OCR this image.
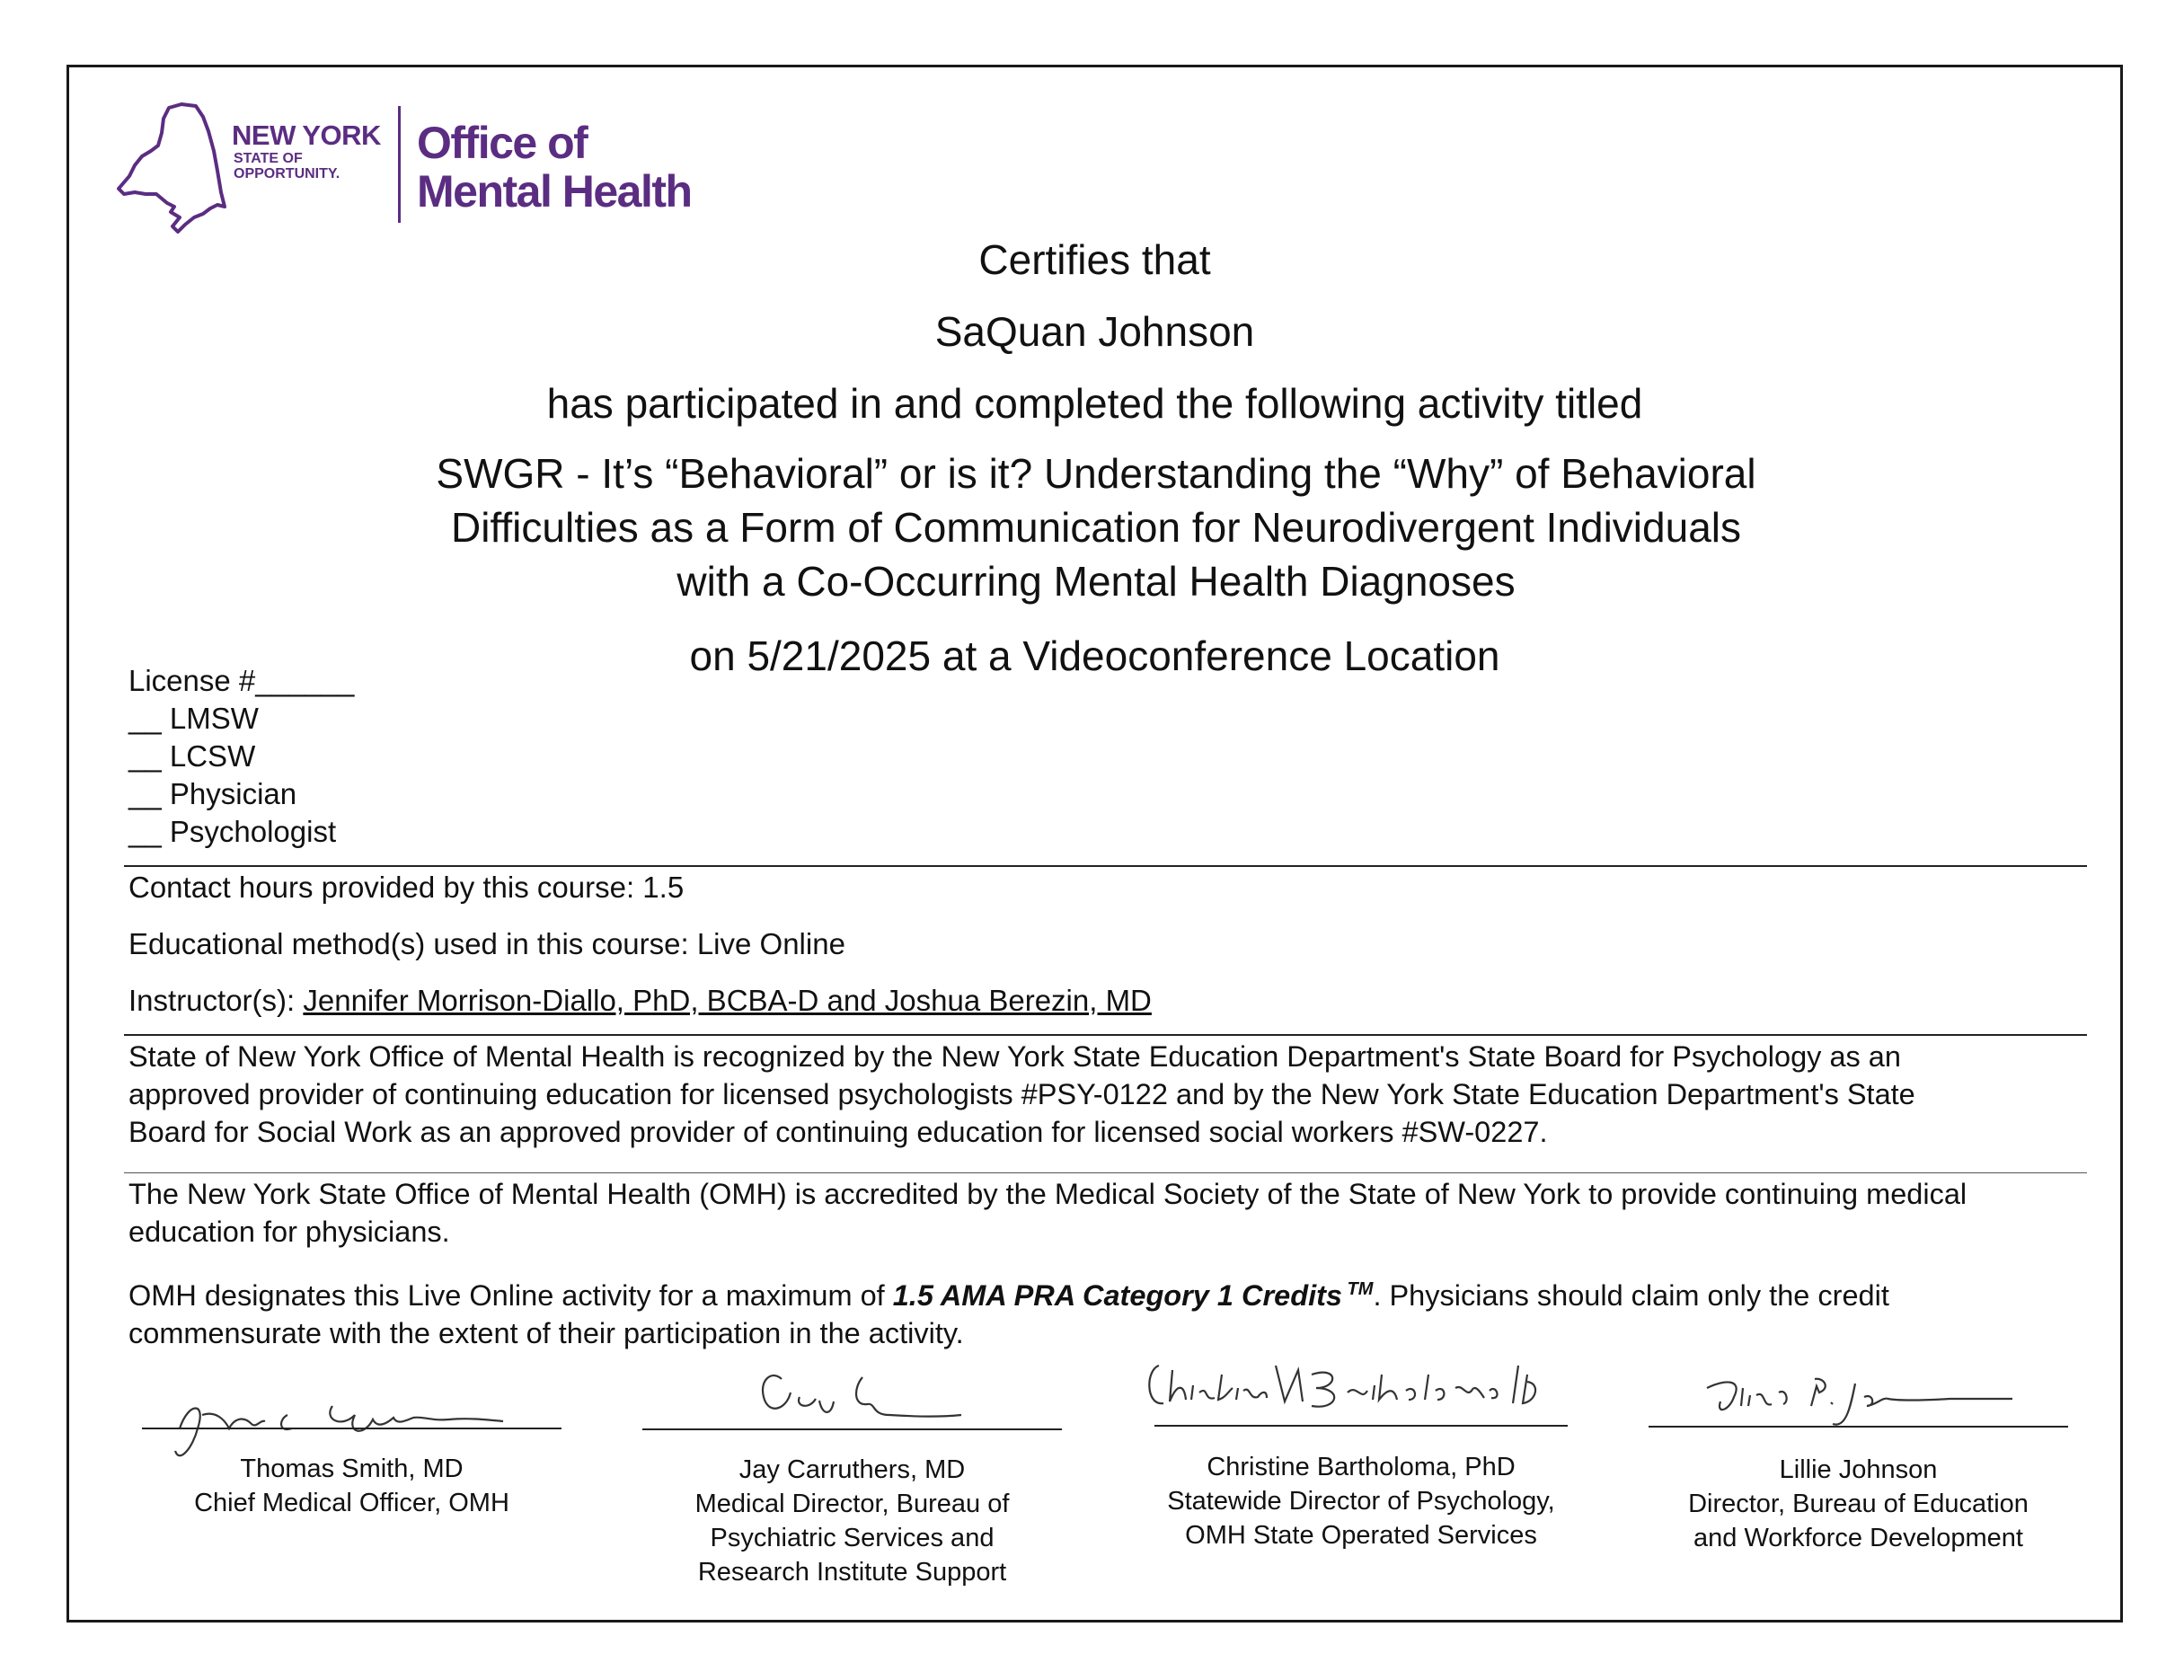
NEW YORK
STATE OF
OPPORTUNITY.
Office of
Mental Health
Certifies that
SaQuan Johnson
has participated in and completed the following activity titled
SWGR - It’s “Behavioral” or is it? Understanding the “Why” of Behavioral
Difficulties as a Form of Communication for Neurodivergent Individuals
with a Co-Occurring Mental Health Diagnoses
on 5/21/2025 at a Videoconference Location
License #______
__ LMSW
__ LCSW
__ Physician
__ Psychologist
Contact hours provided by this course: 1.5
Educational method(s) used in this course: Live Online
Instructor(s): Jennifer Morrison-Diallo, PhD, BCBA-D and Joshua Berezin, MD
State of New York Office of Mental Health is recognized by the New York State Education Department's State Board for Psychology as an
approved provider of continuing education for licensed psychologists #PSY-0122 and by the New York State Education Department's State
Board for Social Work as an approved provider of continuing education for licensed social workers #SW-0227.
The New York State Office of Mental Health (OMH) is accredited by the Medical Society of the State of New York to provide continuing medical
education for physicians.
OMH designates this Live Online activity for a maximum of 1.5 AMA PRA Category 1 Credits ™. Physicians should claim only the credit
commensurate with the extent of their participation in the activity.
Thomas Smith, MD
Chief Medical Officer, OMH
Jay Carruthers, MD
Medical Director, Bureau of
Psychiatric Services and
Research Institute Support
Christine Bartholoma, PhD
Statewide Director of Psychology,
OMH State Operated Services
Lillie Johnson
Director, Bureau of Education
and Workforce Development
